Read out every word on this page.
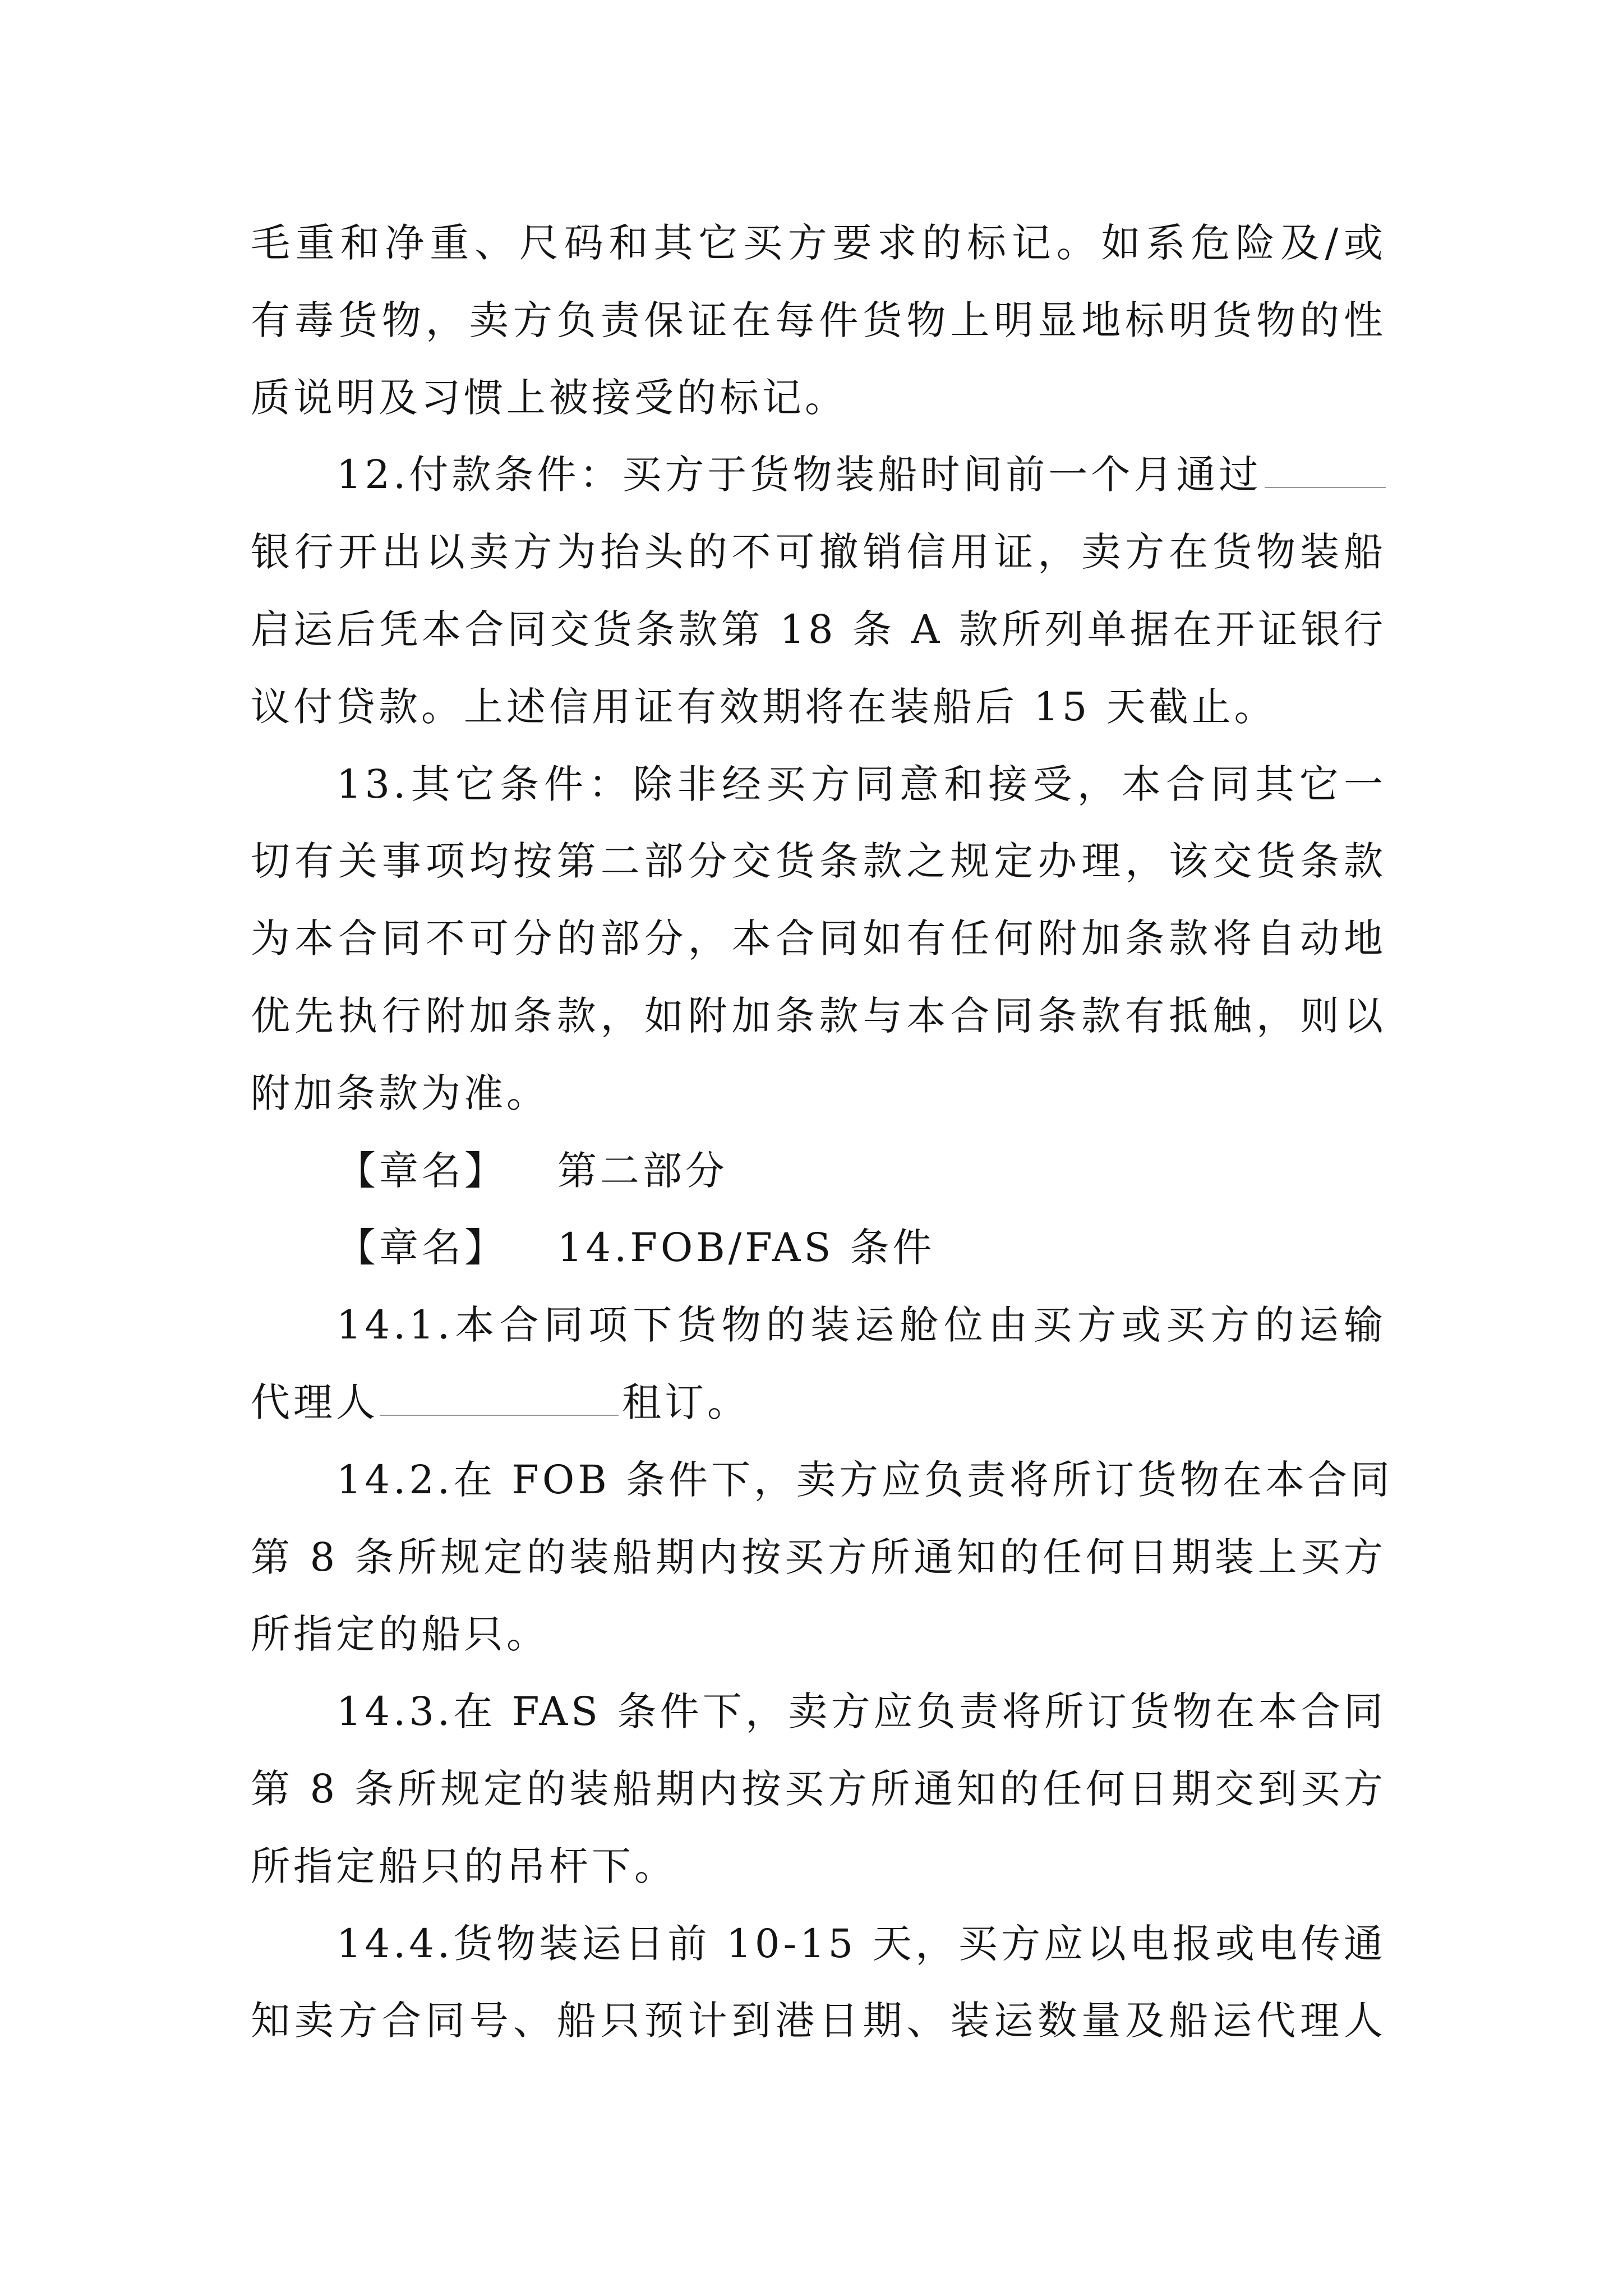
毛重和净重、尺码和其它买方要求的标记。如系危险及/或
有毒货物，卖方负责保证在每件货物上明显地标明货物的性
质说明及习惯上被接受的标记。
12.付款条件：买方于货物装船时间前一个月通过
银行开出以卖方为抬头的不可撤销信用证，卖方在货物装船
启运后凭本合同交货条款第 18 条 A 款所列单据在开证银行
议付贷款。上述信用证有效期将在装船后 15 天截止。
13.其它条件：除非经买方同意和接受，本合同其它一
切有关事项均按第二部分交货条款之规定办理，该交货条款
为本合同不可分的部分，本合同如有任何附加条款将自动地
优先执行附加条款，如附加条款与本合同条款有抵触，则以
附加条款为准。
【章名】 第二部分
【章名】 14.FOB/FAS 条件
14.1.本合同项下货物的装运舱位由买方或买方的运输
代理人	租订。
14.2.在 FOB 条件下，卖方应负责将所订货物在本合同
第 8 条所规定的装船期内按买方所通知的任何日期装上买方
所指定的船只。
14.3.在 FAS 条件下，卖方应负责将所订货物在本合同
第 8 条所规定的装船期内按买方所通知的任何日期交到买方
所指定船只的吊杆下。
14.4.货物装运日前 10-15 天，买方应以电报或电传通
知卖方合同号、船只预计到港日期、装运数量及船运代理人
